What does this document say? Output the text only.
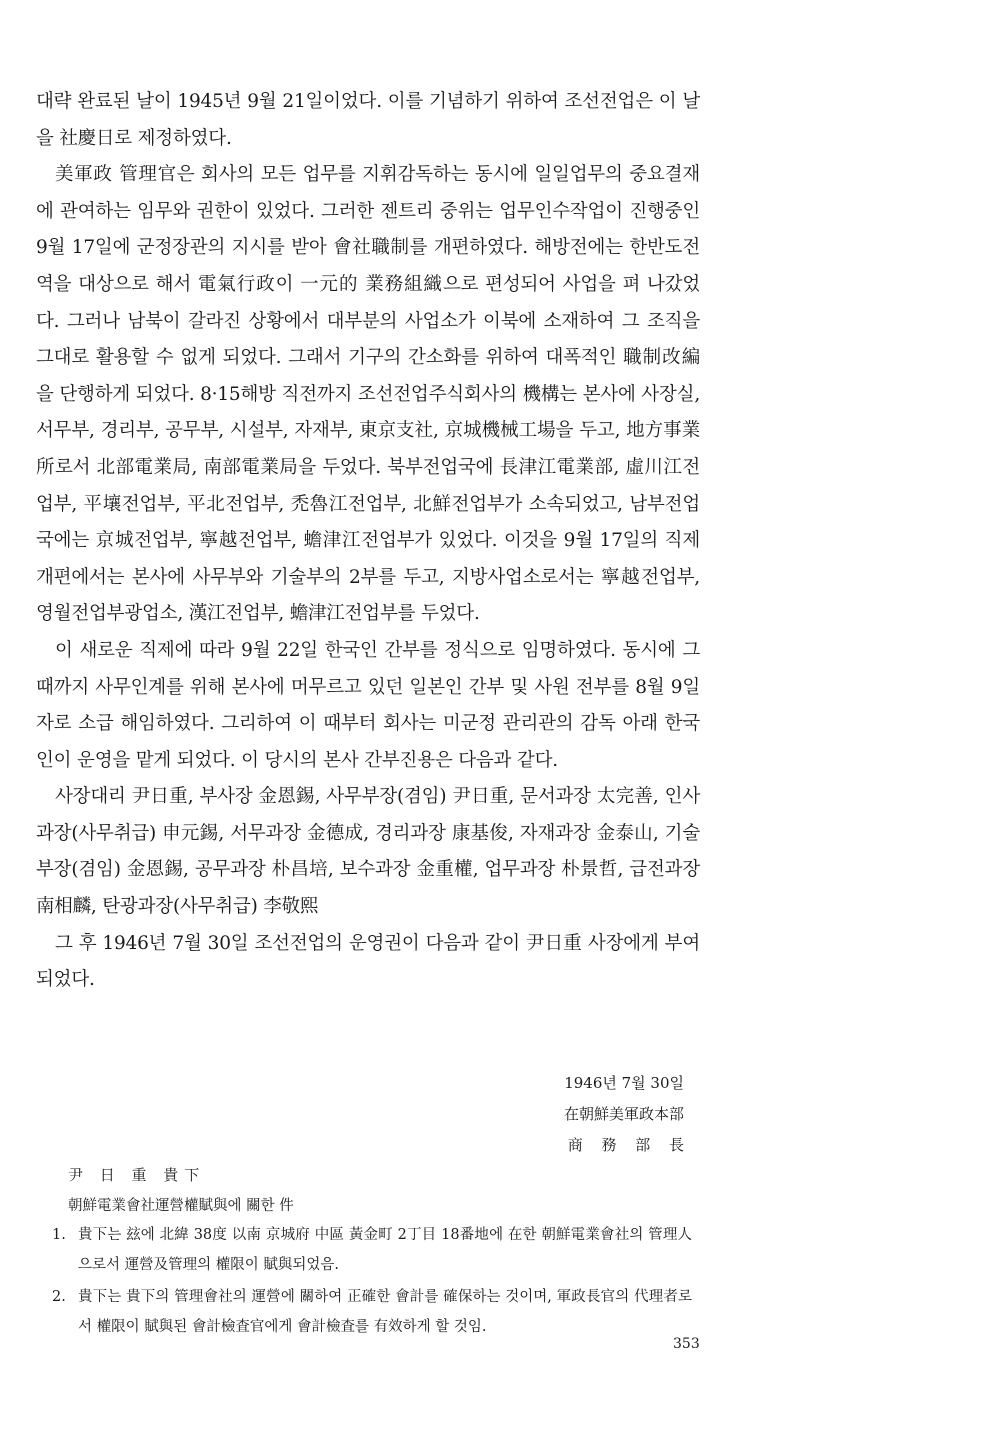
대략 완료된 날이 1945년 9월 21일이었다. 이를 기념하기 위하여 조선전업은 이 날을 社慶日로 제정하였다.

美軍政 管理官은 회사의 모든 업무를 지휘감독하는 동시에 일일업무의 중요결재에 관여하는 임무와 권한이 있었다. 그러한 젠트리 중위는 업무인수작업이 진행중인 9월 17일에 군정장관의 지시를 받아 會社職制를 개편하였다. 해방전에는 한반도전역을 대상으로 해서 電氣行政이 一元的 業務組織으로 편성되어 사업을 펴 나갔었다. 그러나 남북이 갈라진 상황에서 대부분의 사업소가 이북에 소재하여 그 조직을 그대로 활용할 수 없게 되었다. 그래서 기구의 간소화를 위하여 대폭적인 職制改編을 단행하게 되었다. 8·15해방 직전까지 조선전업주식회사의 機構는 본사에 사장실, 서무부, 경리부, 공무부, 시설부, 자재부, 東京支社, 京城機械工場을 두고, 地方事業所로서 北部電業局, 南部電業局을 두었다. 북부전업국에 長津江電業部, 虛川江전업부, 平壤전업부, 平北전업부, 禿魯江전업부, 北鮮전업부가 소속되었고, 남부전업국에는 京城전업부, 寧越전업부, 蟾津江전업부가 있었다. 이것을 9월 17일의 직제개편에서는 본사에 사무부와 기술부의 2부를 두고, 지방사업소로서는 寧越전업부, 영월전업부광업소, 漢江전업부, 蟾津江전업부를 두었다.

이 새로운 직제에 따라 9월 22일 한국인 간부를 정식으로 임명하였다. 동시에 그 때까지 사무인계를 위해 본사에 머무르고 있던 일본인 간부 및 사원 전부를 8월 9일자로 소급 해임하였다. 그리하여 이 때부터 회사는 미군정 관리관의 감독 아래 한국인이 운영을 맡게 되었다. 이 당시의 본사 간부진용은 다음과 같다.

사장대리 尹日重, 부사장 金恩錫, 사무부장(겸임) 尹日重, 문서과장 太完善, 인사과장(사무취급) 申元錫, 서무과장 金德成, 경리과장 康基俊, 자재과장 金泰山, 기술부장(겸임) 金恩錫, 공무과장 朴昌培, 보수과장 金重權, 업무과장 朴景哲, 급전과장 南相麟, 탄광과장(사무취급) 李敬熙

그 후 1946년 7월 30일 조선전업의 운영권이 다음과 같이 尹日重 사장에게 부여되었다.

1946년 7월 30일
在朝鮮美軍政本部
商 務 部 長
尹 日 重 貴下
朝鮮電業會社運營權賦與에 關한 件
1. 貴下는 玆에 北緯 38度 以南 京城府 中區 黃金町 2丁目 18番地에 在한 朝鮮電業會社의 管理人으로서 運營及管理의 權限이 賦與되었음.
2. 貴下는 貴下의 管理會社의 運營에 關하여 正確한 會計를 確保하는 것이며, 軍政長官의 代理者로서 權限이 賦與된 會計檢査官에게 會計檢査를 有效하게 할 것임.
353
